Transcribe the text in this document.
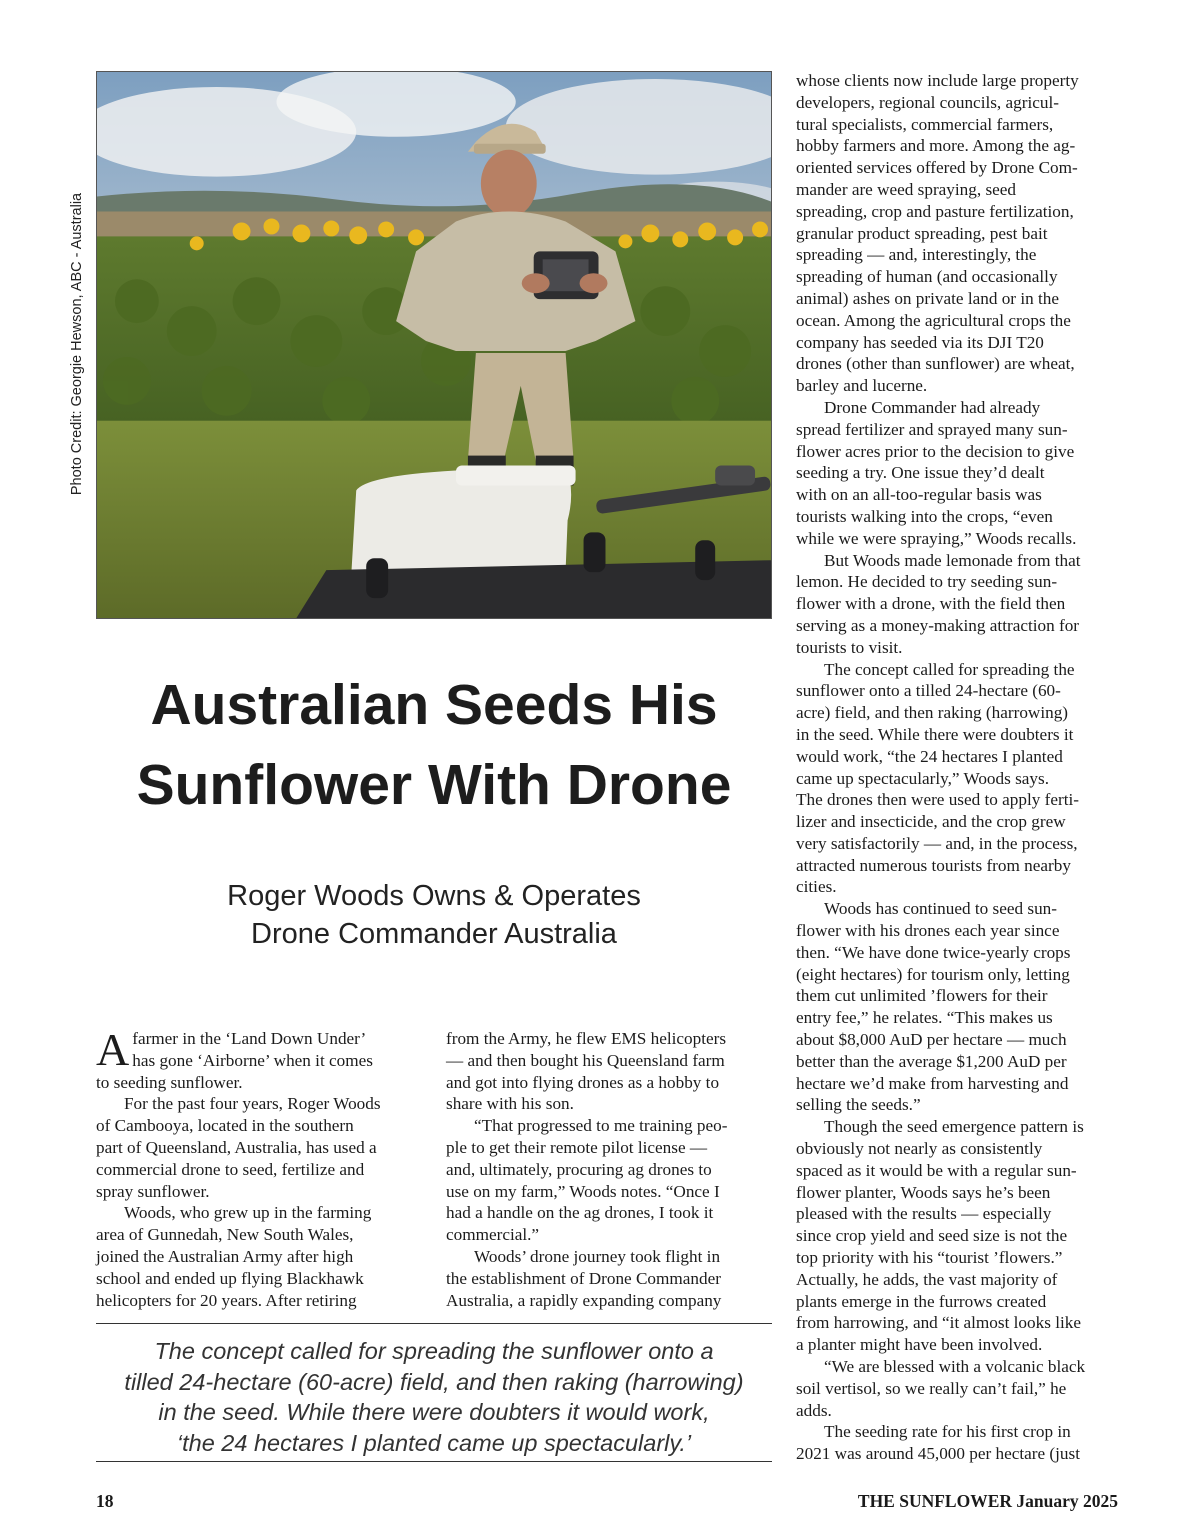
Photo Credit: Georgie Hewson, ABC - Australia
Australian Seeds His
Sunflower With Drone
Roger Woods Owns & Operates
Drone Commander Australia
A farmer in the ‘Land Down Under’

has gone ‘Airborne’ when it comes

to seeding sunflower.

For the past four years, Roger Woods

of Cambooya, located in the southern

part of Queensland, Australia, has used a

commercial drone to seed, fertilize and

spray sunflower.

Woods, who grew up in the farming

area of Gunnedah, New South Wales,

joined the Australian Army after high

school and ended up flying Blackhawk

helicopters for 20 years. After retiring

from the Army, he flew EMS helicopters

— and then bought his Queensland farm

and got into flying drones as a hobby to

share with his son.

“That progressed to me training peo-

ple to get their remote pilot license —

and, ultimately, procuring ag drones to

use on my farm,” Woods notes. “Once I

had a handle on the ag drones, I took it

commercial.”

Woods’ drone journey took flight in

the establishment of Drone Commander

Australia, a rapidly expanding company

whose clients now include large property

developers, regional councils, agricul-

tural specialists, commercial farmers,

hobby farmers and more. Among the ag-

oriented services offered by Drone Com-

mander are weed spraying, seed

spreading, crop and pasture fertilization,

granular product spreading, pest bait

spreading — and, interestingly, the

spreading of human (and occasionally

animal) ashes on private land or in the

ocean. Among the agricultural crops the

company has seeded via its DJI T20

drones (other than sunflower) are wheat,

barley and lucerne.

Drone Commander had already

spread fertilizer and sprayed many sun-

flower acres prior to the decision to give

seeding a try. One issue they’d dealt

with on an all-too-regular basis was

tourists walking into the crops, “even

while we were spraying,” Woods recalls.

But Woods made lemonade from that

lemon. He decided to try seeding sun-

flower with a drone, with the field then

serving as a money-making attraction for

tourists to visit.

The concept called for spreading the

sunflower onto a tilled 24-hectare (60-

acre) field, and then raking (harrowing)

in the seed. While there were doubters it

would work, “the 24 hectares I planted

came up spectacularly,” Woods says.

The drones then were used to apply ferti-

lizer and insecticide, and the crop grew

very satisfactorily — and, in the process,

attracted numerous tourists from nearby

cities.

Woods has continued to seed sun-

flower with his drones each year since

then. “We have done twice-yearly crops

(eight hectares) for tourism only, letting

them cut unlimited ’flowers for their

entry fee,” he relates. “This makes us

about $8,000 AuD per hectare — much

better than the average $1,200 AuD per

hectare we’d make from harvesting and

selling the seeds.”

Though the seed emergence pattern is

obviously not nearly as consistently

spaced as it would be with a regular sun-

flower planter, Woods says he’s been

pleased with the results — especially

since crop yield and seed size is not the

top priority with his “tourist ’flowers.”

Actually, he adds, the vast majority of

plants emerge in the furrows created

from harrowing, and “it almost looks like

a planter might have been involved.

“We are blessed with a volcanic black

soil vertisol, so we really can’t fail,” he

adds.

The seeding rate for his first crop in

2021 was around 45,000 per hectare (just

The concept called for spreading the sunflower onto a
tilled 24-hectare (60-acre) field, and then raking (harrowing)
in the seed. While there were doubters it would work,
‘the 24 hectares I planted came up spectacularly.’
18	THE SUNFLOWER January 2025
